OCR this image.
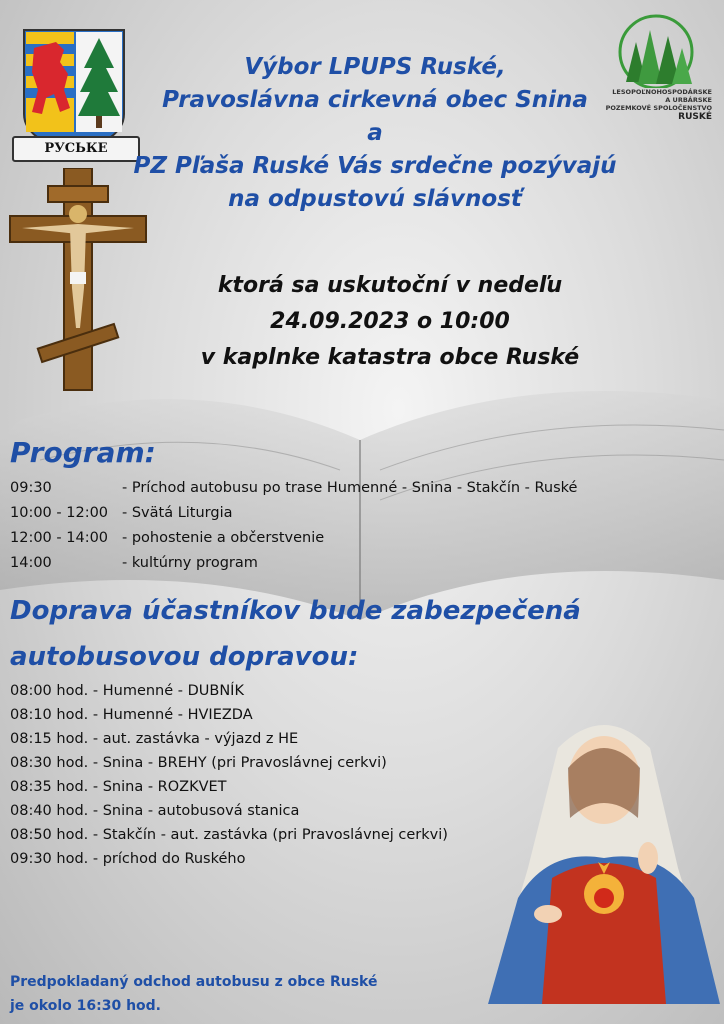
РУСЬКЕ
LESOPOĽNOHOSPODÁRSKE
A URBÁRSKE
POZEMKOVÉ SPOLOČENSTVO
RUSKÉ
Výbor LPUPS Ruské,
Pravoslávna cirkevná obec Snina
a
PZ Pľaša Ruské Vás srdečne pozývajú
na odpustovú slávnosť
ktorá sa uskutoční v nedeľu
24.09.2023 o 10:00
v kaplnke katastra obce Ruské
Program:
09:30	- Príchod autobusu po trase Humenné - Snina - Stakčín - Ruské
10:00 - 12:00 - Svätá Liturgia
12:00 - 14:00 - pohostenie a občerstvenie
14:00	- kultúrny program
Doprava účastníkov bude zabezpečená
autobusovou dopravou:
08:00 hod. - Humenné - DUBNÍK
08:10 hod. - Humenné - HVIEZDA
08:15 hod. - aut. zastávka - výjazd z HE
08:30 hod. - Snina - BREHY (pri Pravoslávnej cerkvi)
08:35 hod. - Snina - ROZKVET
08:40 hod. - Snina - autobusová stanica
08:50 hod. - Stakčín - aut. zastávka (pri Pravoslávnej cerkvi)
09:30 hod. - príchod do Ruského
Predpokladaný odchod autobusu z obce Ruské
je okolo 16:30 hod.
